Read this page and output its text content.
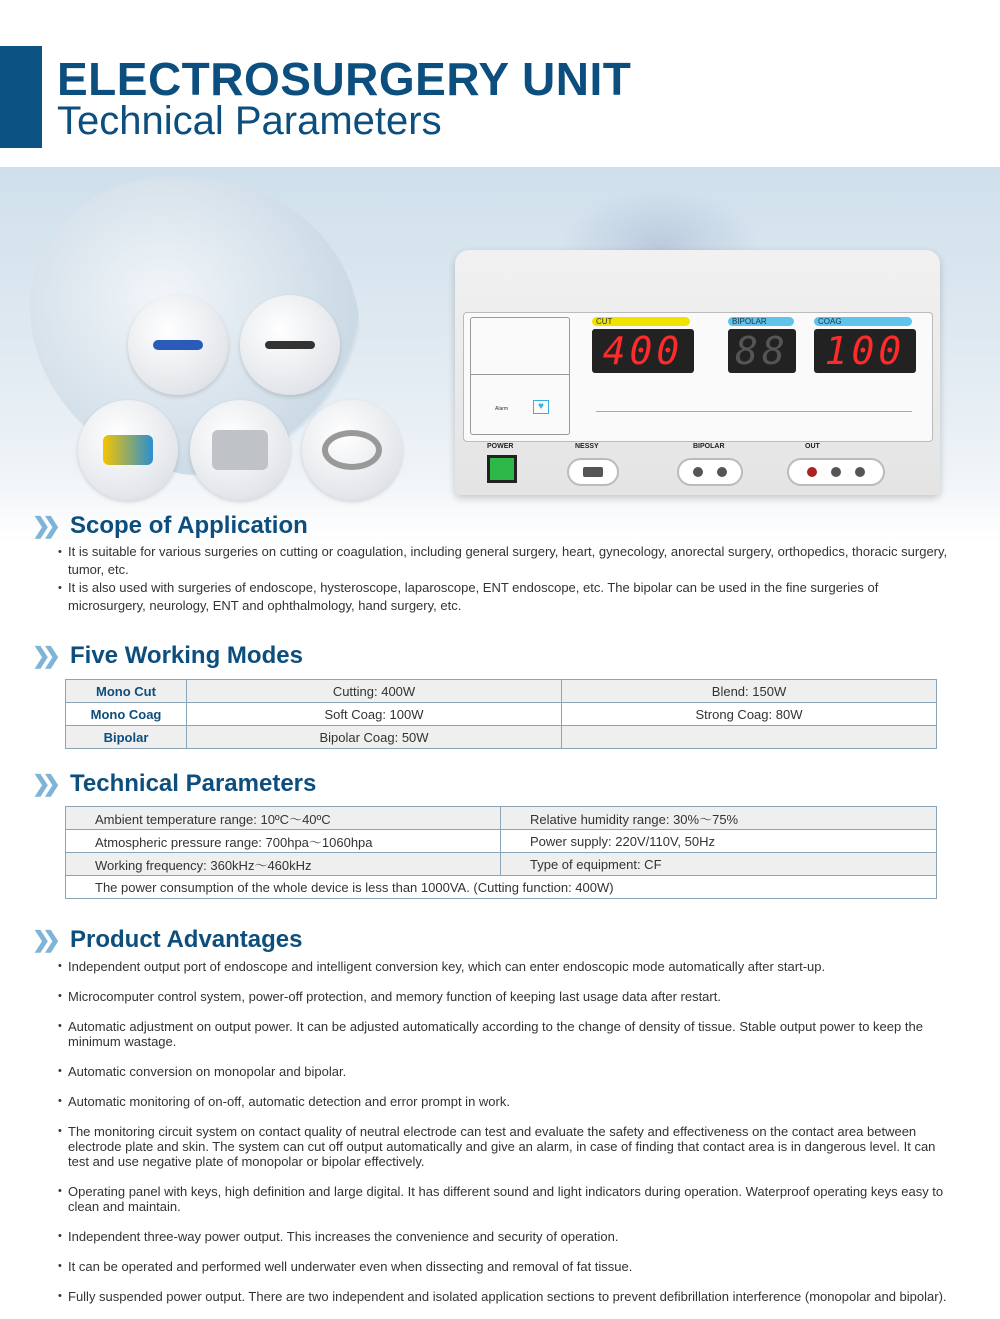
ELECTROSURGERY UNIT
Technical Parameters
Alarm	♥
CUT	BIPOLAR	COAG
400 88 100
POWER	NESSY	BIPOLAR	OUT
❯❯ Scope of Application
• It is suitable for various surgeries on cutting or coagulation, including general surgery, heart, gynecology, anorectal surgery, orthopedics, thoracic surgery, tumor, etc.
• It is also used with surgeries of endoscope, hysteroscope, laparoscope, ENT endoscope, etc. The bipolar can be used in the fine surgeries of microsurgery, neurology, ENT and ophthalmology, hand surgery, etc.
❯❯ Five Working Modes
Mono Cut	Cutting: 400W	Blend: 150W
Mono Coag	Soft Coag: 100W	Strong Coag: 80W
Bipolar	Bipolar Coag: 50W	
❯❯ Technical Parameters
Ambient temperature range: 10ºC～40ºC	Relative humidity range: 30%～75%
Atmospheric pressure range: 700hpa～1060hpa	Power supply: 220V/110V, 50Hz
Working frequency: 360kHz～460kHz	Type of equipment: CF
The power consumption of the whole device is less than 1000VA. (Cutting function: 400W)	
❯❯ Product Advantages
• Independent output port of endoscope and intelligent conversion key, which can enter endoscopic mode automatically after start-up.
• Microcomputer control system, power-off protection, and memory function of keeping last usage data after restart.
• Automatic adjustment on output power. It can be adjusted automatically according to the change of density of tissue. Stable output power to keep the minimum wastage.
• Automatic conversion on monopolar and bipolar.
• Automatic monitoring of on-off, automatic detection and error prompt in work.
• The monitoring circuit system on contact quality of neutral electrode can test and evaluate the safety and effectiveness on the contact area between electrode plate and skin. The system can cut off output automatically and give an alarm, in case of finding that contact area is in dangerous level. It can test and use negative plate of monopolar or bipolar effectively.
• Operating panel with keys, high definition and large digital. It has different sound and light indicators during operation. Waterproof operating keys easy to clean and maintain.
• Independent three-way power output. This increases the convenience and security of operation.
• It can be operated and performed well underwater even when dissecting and removal of fat tissue.
• Fully suspended power output. There are two independent and isolated application sections to prevent defibrillation interference (monopolar and bipolar).
